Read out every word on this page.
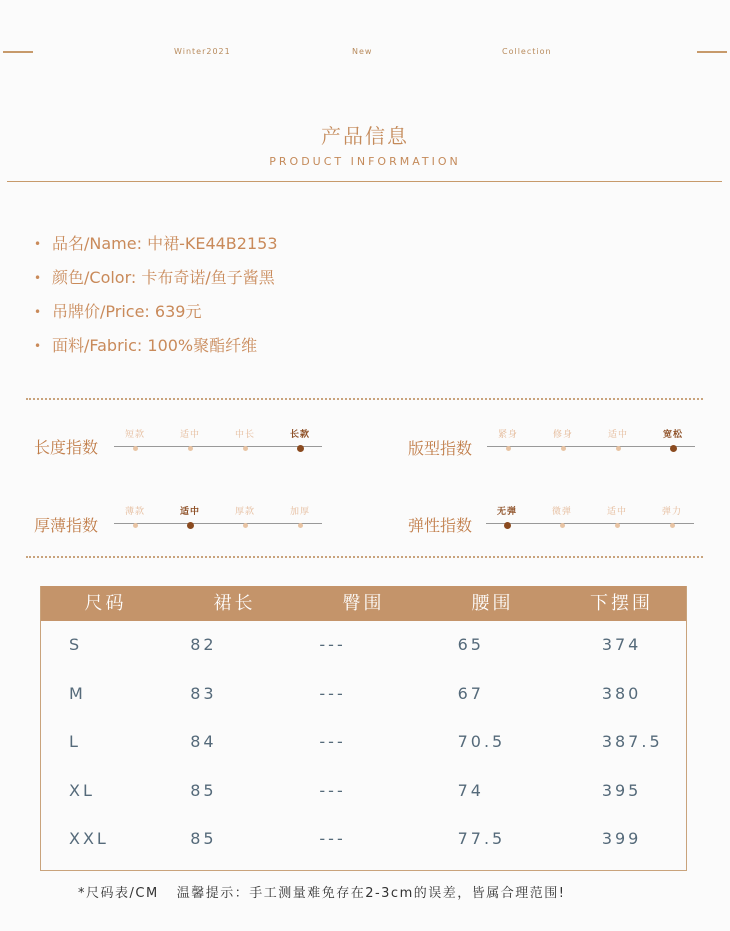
Winter2021	New	Collection
产品信息
PRODUCT INFORMATION
• 品名/Name: 中裙-KE44B2153
• 颜色/Color: 卡布奇诺/鱼子酱黑
• 吊牌价/Price: 639元
• 面料/Fabric: 100%聚酯纤维
长度指数
短款	适中	中长	长款
版型指数
紧身	修身	适中	宽松
厚薄指数
薄款	适中	厚款	加厚
弹性指数
无弹	微弹	适中	弹力
尺码	裙长	臀围	腰围	下摆围
S	82	---	65	374
M	83	---	67	380
L	84	---	70.5	387.5
XL	85	---	74	395
XXL	85	---	77.5	399
*尺码表/CM 温馨提示：手工测量难免存在2-3cm的误差，皆属合理范围!
